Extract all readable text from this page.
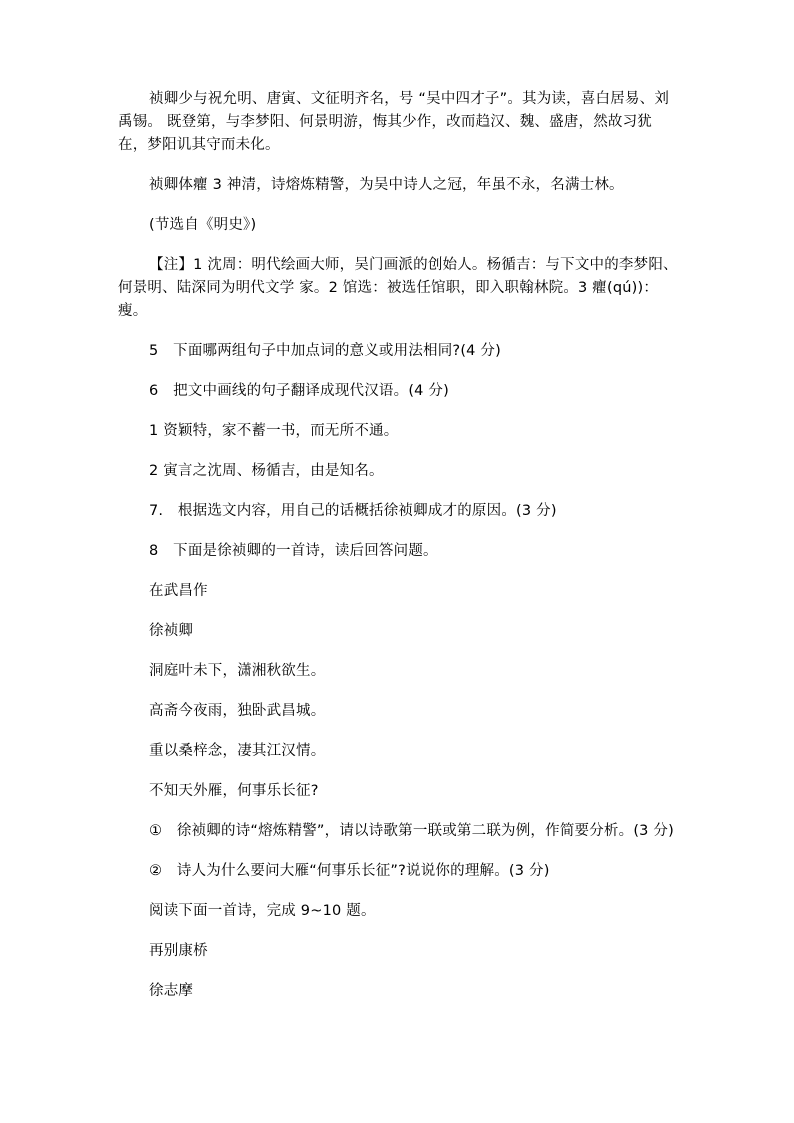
祯卿少与祝允明、唐寅、文征明齐名，号 “吴中四才子”。其为读，喜白居易、刘禹锡。 既登第，与李梦阳、何景明游，悔其少作，改而趋汉、魏、盛唐，然故习犹在，梦阳讥其守而未化。

祯卿体癯 3 神清，诗熔炼精警，为吴中诗人之冠，年虽不永，名满士林。

(节选自《明史》)

【注】1 沈周：明代绘画大师，吴门画派的创始人。杨循吉：与下文中的李梦阳、何景明、陆深同为明代文学 家。2 馆选：被选任馆职，即入职翰林院。3 癯(qú))：瘦。

5　下面哪两组句子中加点词的意义或用法相同?(4 分)

6　把文中画线的句子翻译成现代汉语。(4 分)

1 资颖特，家不蓄一书，而无所不通。

2 寅言之沈周、杨循吉，由是知名。

7.　根据选文内容，用自己的话概括徐祯卿成才的原因。(3 分)

8　下面是徐祯卿的一首诗，读后回答问题。

在武昌作

徐祯卿

洞庭叶未下，潇湘秋欲生。

高斋今夜雨，独卧武昌城。

重以桑梓念，凄其江汉情。

不知天外雁，何事乐长征?

①　徐祯卿的诗“熔炼精警”，请以诗歌第一联或第二联为例，作简要分析。(3 分)

②　诗人为什么要问大雁“何事乐长征”?说说你的理解。(3 分)

阅读下面一首诗，完成 9~10 题。

再别康桥

徐志摩
